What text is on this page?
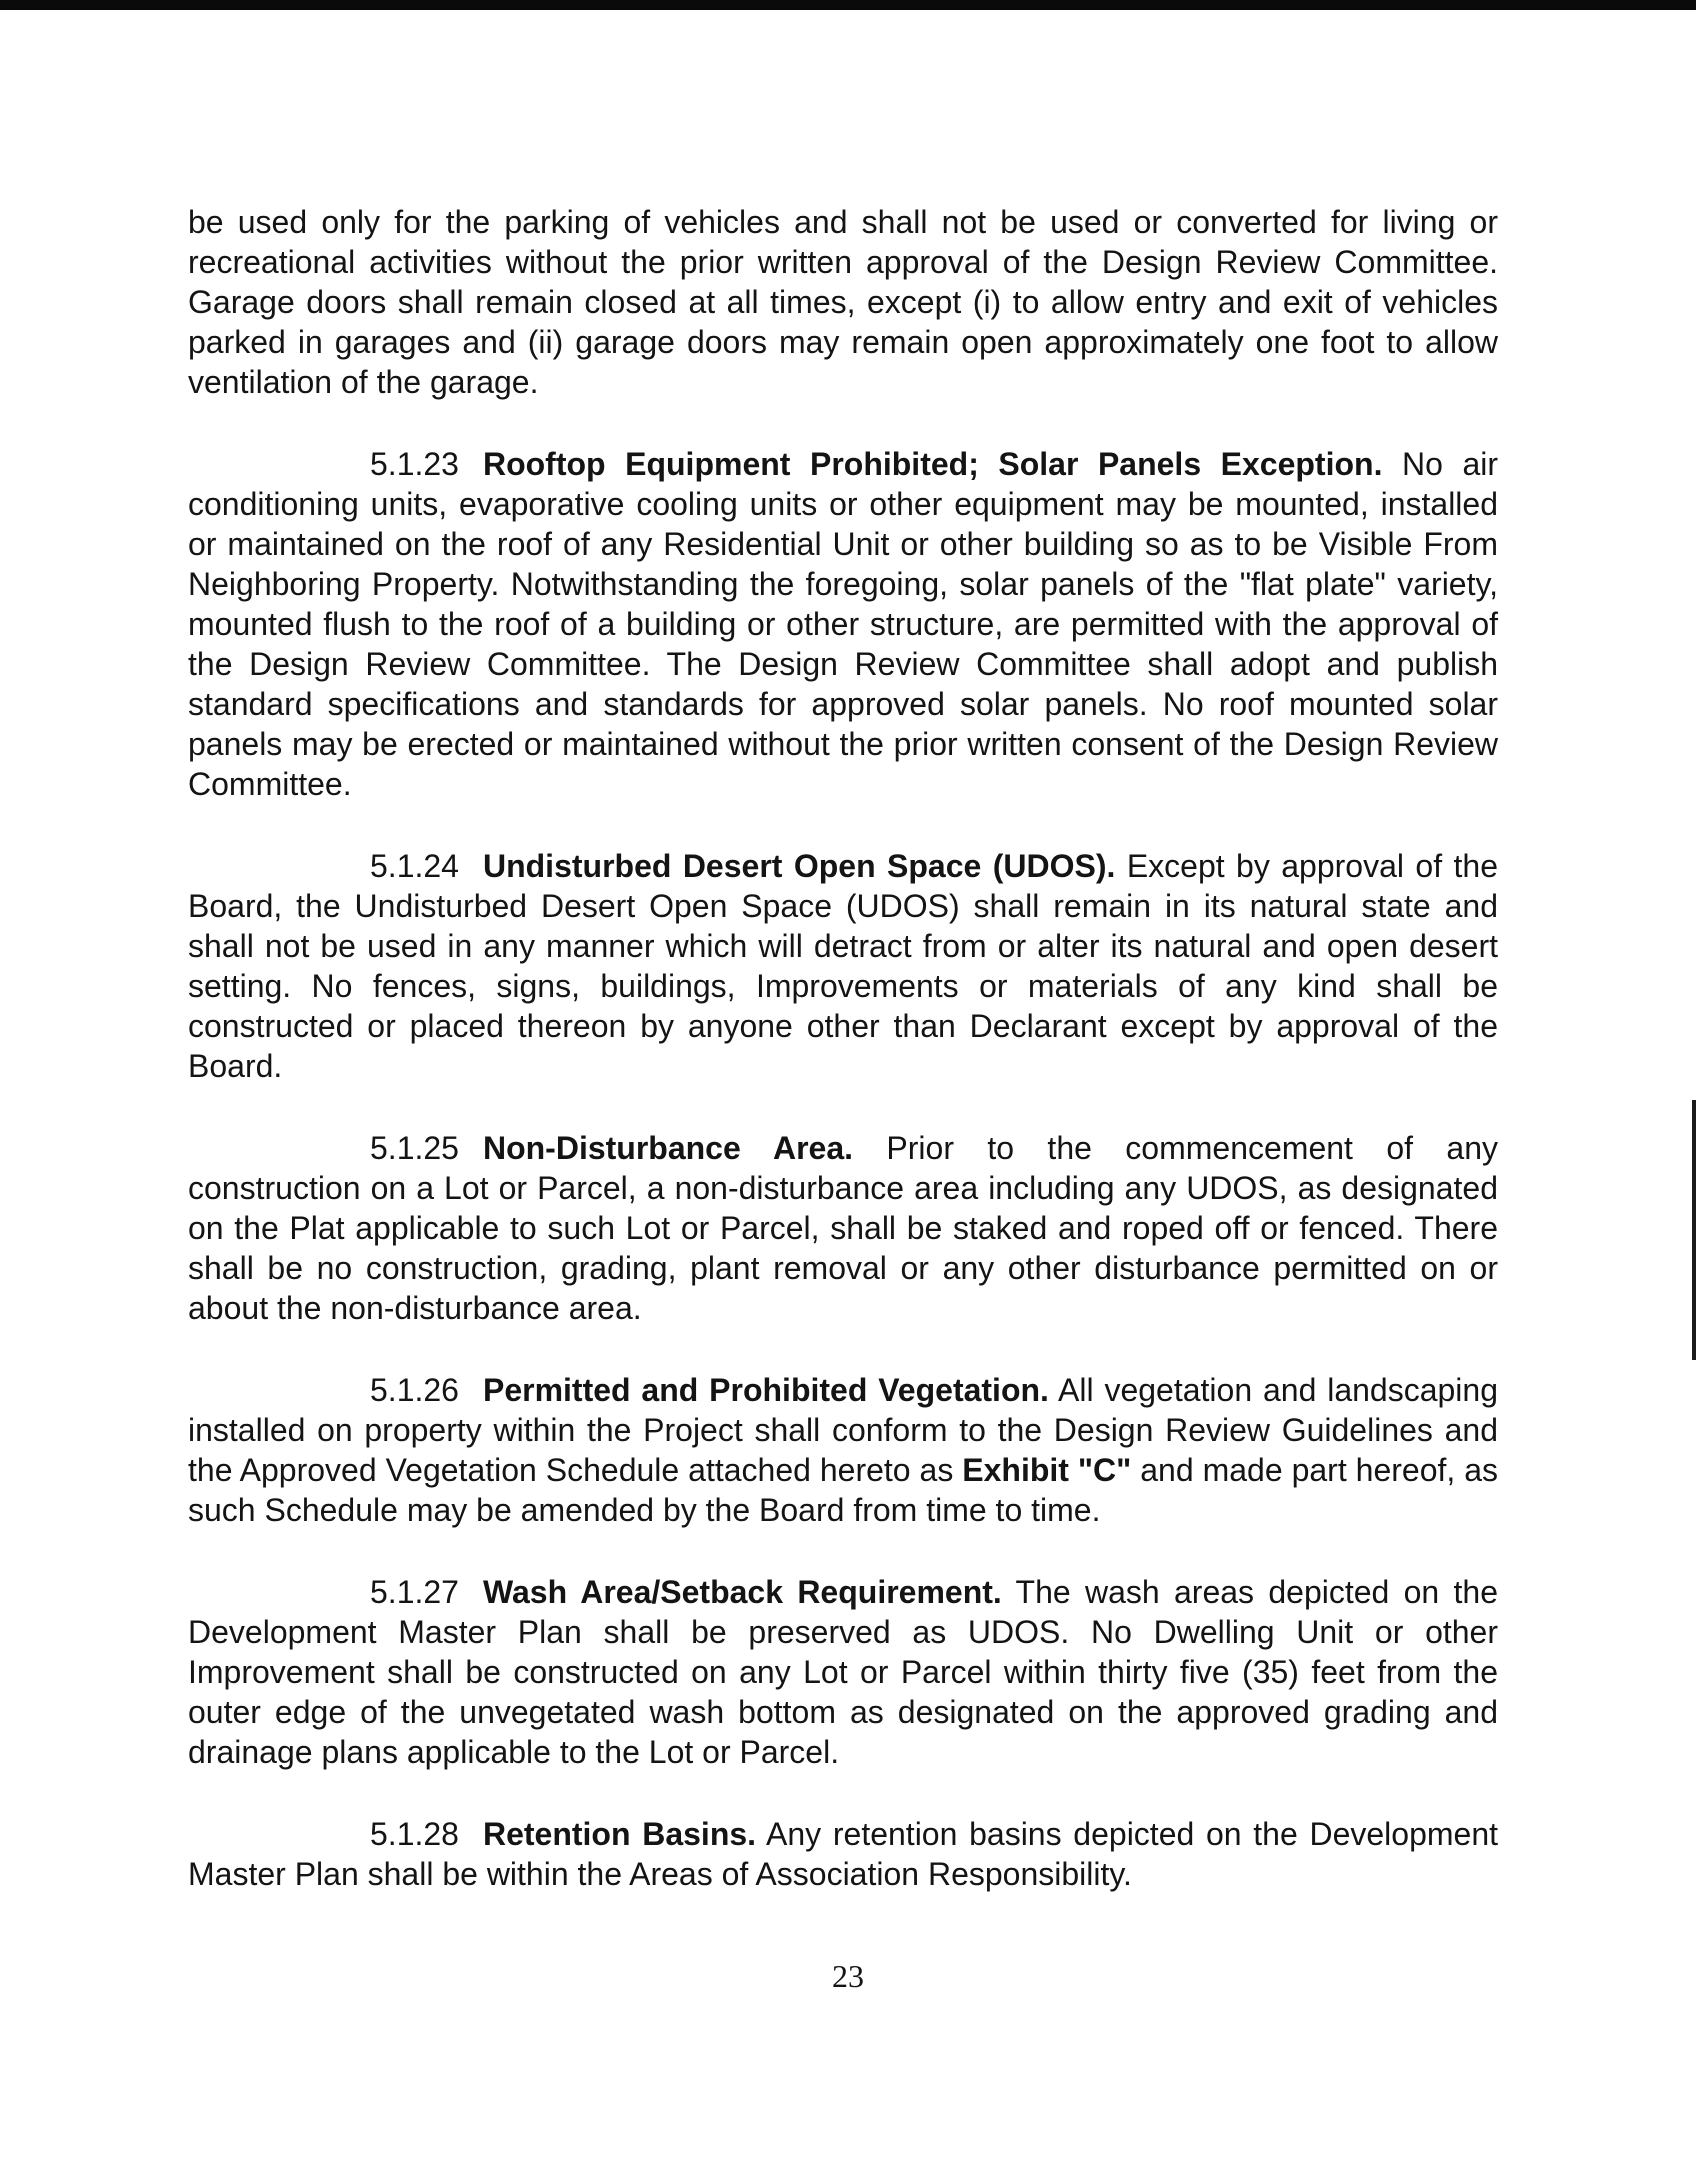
be used only for the parking of vehicles and shall not be used or converted for living or recreational activities without the prior written approval of the Design Review Committee. Garage doors shall remain closed at all times, except (i) to allow entry and exit of vehicles parked in garages and (ii) garage doors may remain open approximately one foot to allow ventilation of the garage.

5.1.23 Rooftop Equipment Prohibited; Solar Panels Exception. No air conditioning units, evaporative cooling units or other equipment may be mounted, installed or maintained on the roof of any Residential Unit or other building so as to be Visible From Neighboring Property. Notwithstanding the foregoing, solar panels of the "flat plate" variety, mounted flush to the roof of a building or other structure, are permitted with the approval of the Design Review Committee. The Design Review Committee shall adopt and publish standard specifications and standards for approved solar panels. No roof mounted solar panels may be erected or maintained without the prior written consent of the Design Review Committee.

5.1.24 Undisturbed Desert Open Space (UDOS). Except by approval of the Board, the Undisturbed Desert Open Space (UDOS) shall remain in its natural state and shall not be used in any manner which will detract from or alter its natural and open desert setting. No fences, signs, buildings, Improvements or materials of any kind shall be constructed or placed thereon by anyone other than Declarant except by approval of the Board.

5.1.25 Non-Disturbance Area. Prior to the commencement of any construction on a Lot or Parcel, a non-disturbance area including any UDOS, as designated on the Plat applicable to such Lot or Parcel, shall be staked and roped off or fenced. There shall be no construction, grading, plant removal or any other disturbance permitted on or about the non-disturbance area.

5.1.26 Permitted and Prohibited Vegetation. All vegetation and landscaping installed on property within the Project shall conform to the Design Review Guidelines and the Approved Vegetation Schedule attached hereto as Exhibit "C" and made part hereof, as such Schedule may be amended by the Board from time to time.

5.1.27 Wash Area/Setback Requirement. The wash areas depicted on the Development Master Plan shall be preserved as UDOS. No Dwelling Unit or other Improvement shall be constructed on any Lot or Parcel within thirty five (35) feet from the outer edge of the unvegetated wash bottom as designated on the approved grading and drainage plans applicable to the Lot or Parcel.

5.1.28 Retention Basins. Any retention basins depicted on the Development Master Plan shall be within the Areas of Association Responsibility.

23
